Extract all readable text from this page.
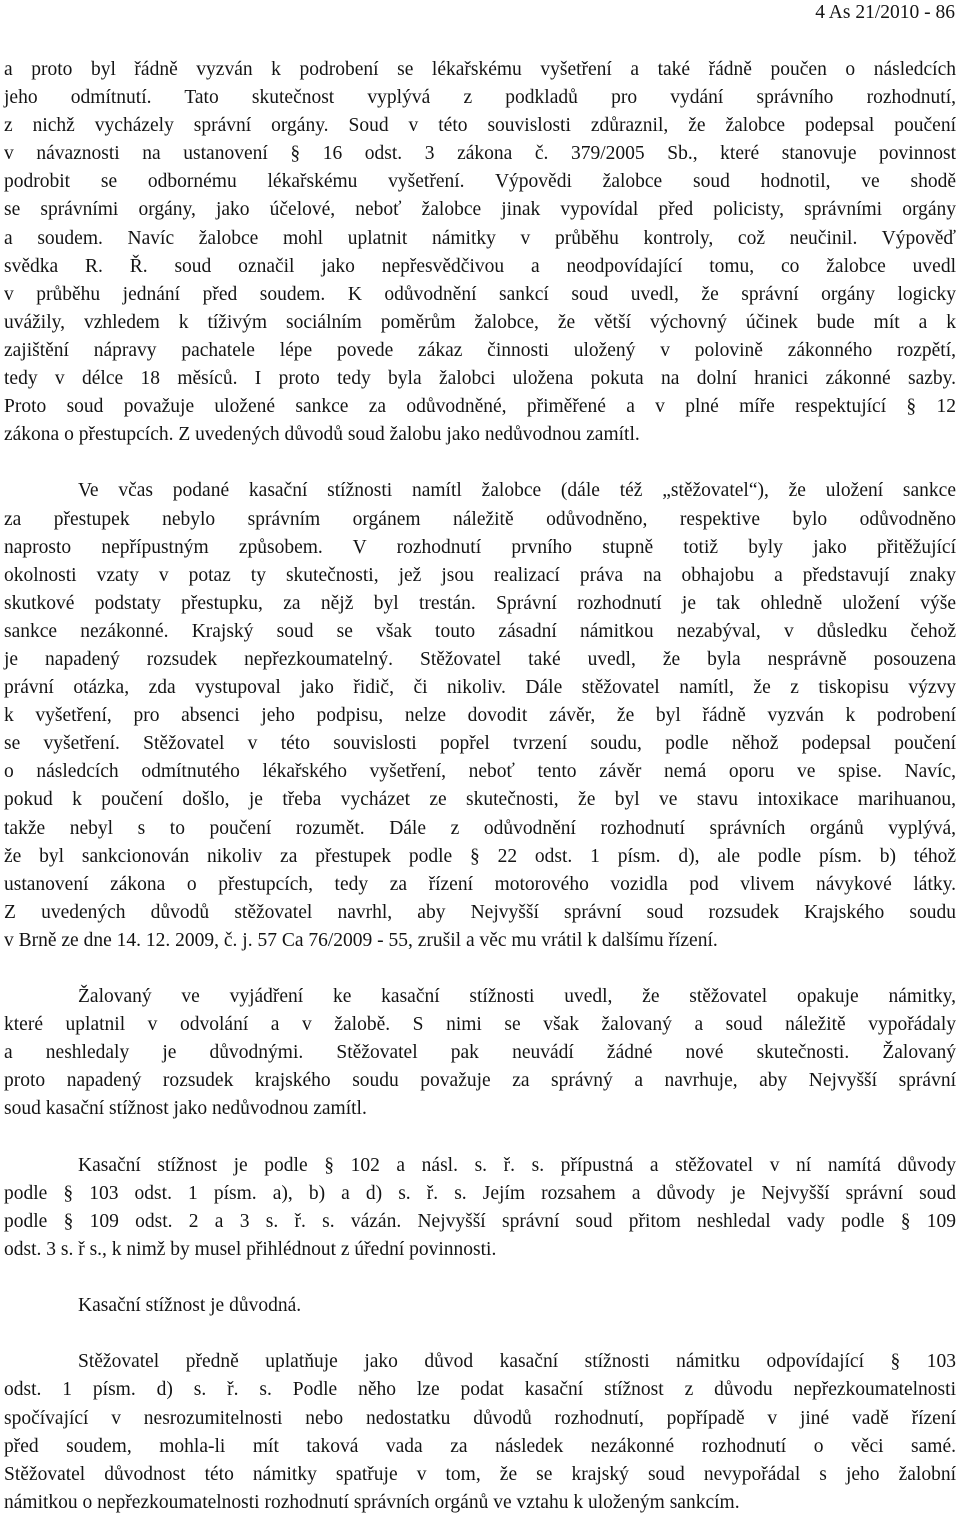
4 As 21/2010 - 86
a proto byl řádně vyzván k podrobení se lékařskému vyšetření a také řádně poučen o následcích
jeho odmítnutí. Tato skutečnost vyplývá z podkladů pro vydání správního rozhodnutí,
z nichž vycházely správní orgány. Soud v této souvislosti zdůraznil, že žalobce podepsal poučení
v návaznosti na ustanovení § 16 odst. 3 zákona č. 379/2005 Sb., které stanovuje povinnost
podrobit se odbornému lékařskému vyšetření. Výpovědi žalobce soud hodnotil, ve shodě
se správními orgány, jako účelové, neboť žalobce jinak vypovídal před policisty, správními orgány
a soudem. Navíc žalobce mohl uplatnit námitky v průběhu kontroly, což neučinil. Výpověď
svědka R. Ř. soud označil jako nepřesvědčivou a neodpovídající tomu, co žalobce uvedl
v průběhu jednání před soudem. K odůvodnění sankcí soud uvedl, že správní orgány logicky
uvážily, vzhledem k tíživým sociálním poměrům žalobce, že větší výchovný účinek bude mít a k
zajištění nápravy pachatele lépe povede zákaz činnosti uložený v polovině zákonného rozpětí,
tedy v délce 18 měsíců. I proto tedy byla žalobci uložena pokuta na dolní hranici zákonné sazby.
Proto soud považuje uložené sankce za odůvodněné, přiměřené a v plné míře respektující § 12
zákona o přestupcích. Z uvedených důvodů soud žalobu jako nedůvodnou zamítl.
Ve včas podané kasační stížnosti namítl žalobce (dále též „stěžovatel“), že uložení sankce
za přestupek nebylo správním orgánem náležitě odůvodněno, respektive bylo odůvodněno
naprosto nepřípustným způsobem. V rozhodnutí prvního stupně totiž byly jako přitěžující
okolnosti vzaty v potaz ty skutečnosti, jež jsou realizací práva na obhajobu a představují znaky
skutkové podstaty přestupku, za nějž byl trestán. Správní rozhodnutí je tak ohledně uložení výše
sankce nezákonné. Krajský soud se však touto zásadní námitkou nezabýval, v důsledku čehož
je napadený rozsudek nepřezkoumatelný. Stěžovatel také uvedl, že byla nesprávně posouzena
právní otázka, zda vystupoval jako řidič, či nikoliv. Dále stěžovatel namítl, že z tiskopisu výzvy
k vyšetření, pro absenci jeho podpisu, nelze dovodit závěr, že byl řádně vyzván k podrobení
se vyšetření. Stěžovatel v této souvislosti popřel tvrzení soudu, podle něhož podepsal poučení
o následcích odmítnutého lékařského vyšetření, neboť tento závěr nemá oporu ve spise. Navíc,
pokud k poučení došlo, je třeba vycházet ze skutečnosti, že byl ve stavu intoxikace marihuanou,
takže nebyl s to poučení rozumět. Dále z odůvodnění rozhodnutí správních orgánů vyplývá,
že byl sankcionován nikoliv za přestupek podle § 22 odst. 1 písm. d), ale podle písm. b) téhož
ustanovení zákona o přestupcích, tedy za řízení motorového vozidla pod vlivem návykové látky.
Z uvedených důvodů stěžovatel navrhl, aby Nejvyšší správní soud rozsudek Krajského soudu
v Brně ze dne 14. 12. 2009, č. j. 57 Ca 76/2009 - 55, zrušil a věc mu vrátil k dalšímu řízení.
Žalovaný ve vyjádření ke kasační stížnosti uvedl, že stěžovatel opakuje námitky,
které uplatnil v odvolání a v žalobě. S nimi se však žalovaný a soud náležitě vypořádaly
a neshledaly je důvodnými. Stěžovatel pak neuvádí žádné nové skutečnosti. Žalovaný
proto napadený rozsudek krajského soudu považuje za správný a navrhuje, aby Nejvyšší správní
soud kasační stížnost jako nedůvodnou zamítl.
Kasační stížnost je podle § 102 a násl. s. ř. s. přípustná a stěžovatel v ní namítá důvody
podle § 103 odst. 1 písm. a), b) a d) s. ř. s. Jejím rozsahem a důvody je Nejvyšší správní soud
podle § 109 odst. 2 a 3 s. ř. s. vázán. Nejvyšší správní soud přitom neshledal vady podle § 109
odst. 3 s. ř s., k nimž by musel přihlédnout z úřední povinnosti.
Kasační stížnost je důvodná.
Stěžovatel předně uplatňuje jako důvod kasační stížnosti námitku odpovídající § 103
odst. 1 písm. d) s. ř. s. Podle něho lze podat kasační stížnost z důvodu nepřezkoumatelnosti
spočívající v nesrozumitelnosti nebo nedostatku důvodů rozhodnutí, popřípadě v jiné vadě řízení
před soudem, mohla-li mít taková vada za následek nezákonné rozhodnutí o věci samé.
Stěžovatel důvodnost této námitky spatřuje v tom, že se krajský soud nevypořádal s jeho žalobní
námitkou o nepřezkoumatelnosti rozhodnutí správních orgánů ve vztahu k uloženým sankcím.
